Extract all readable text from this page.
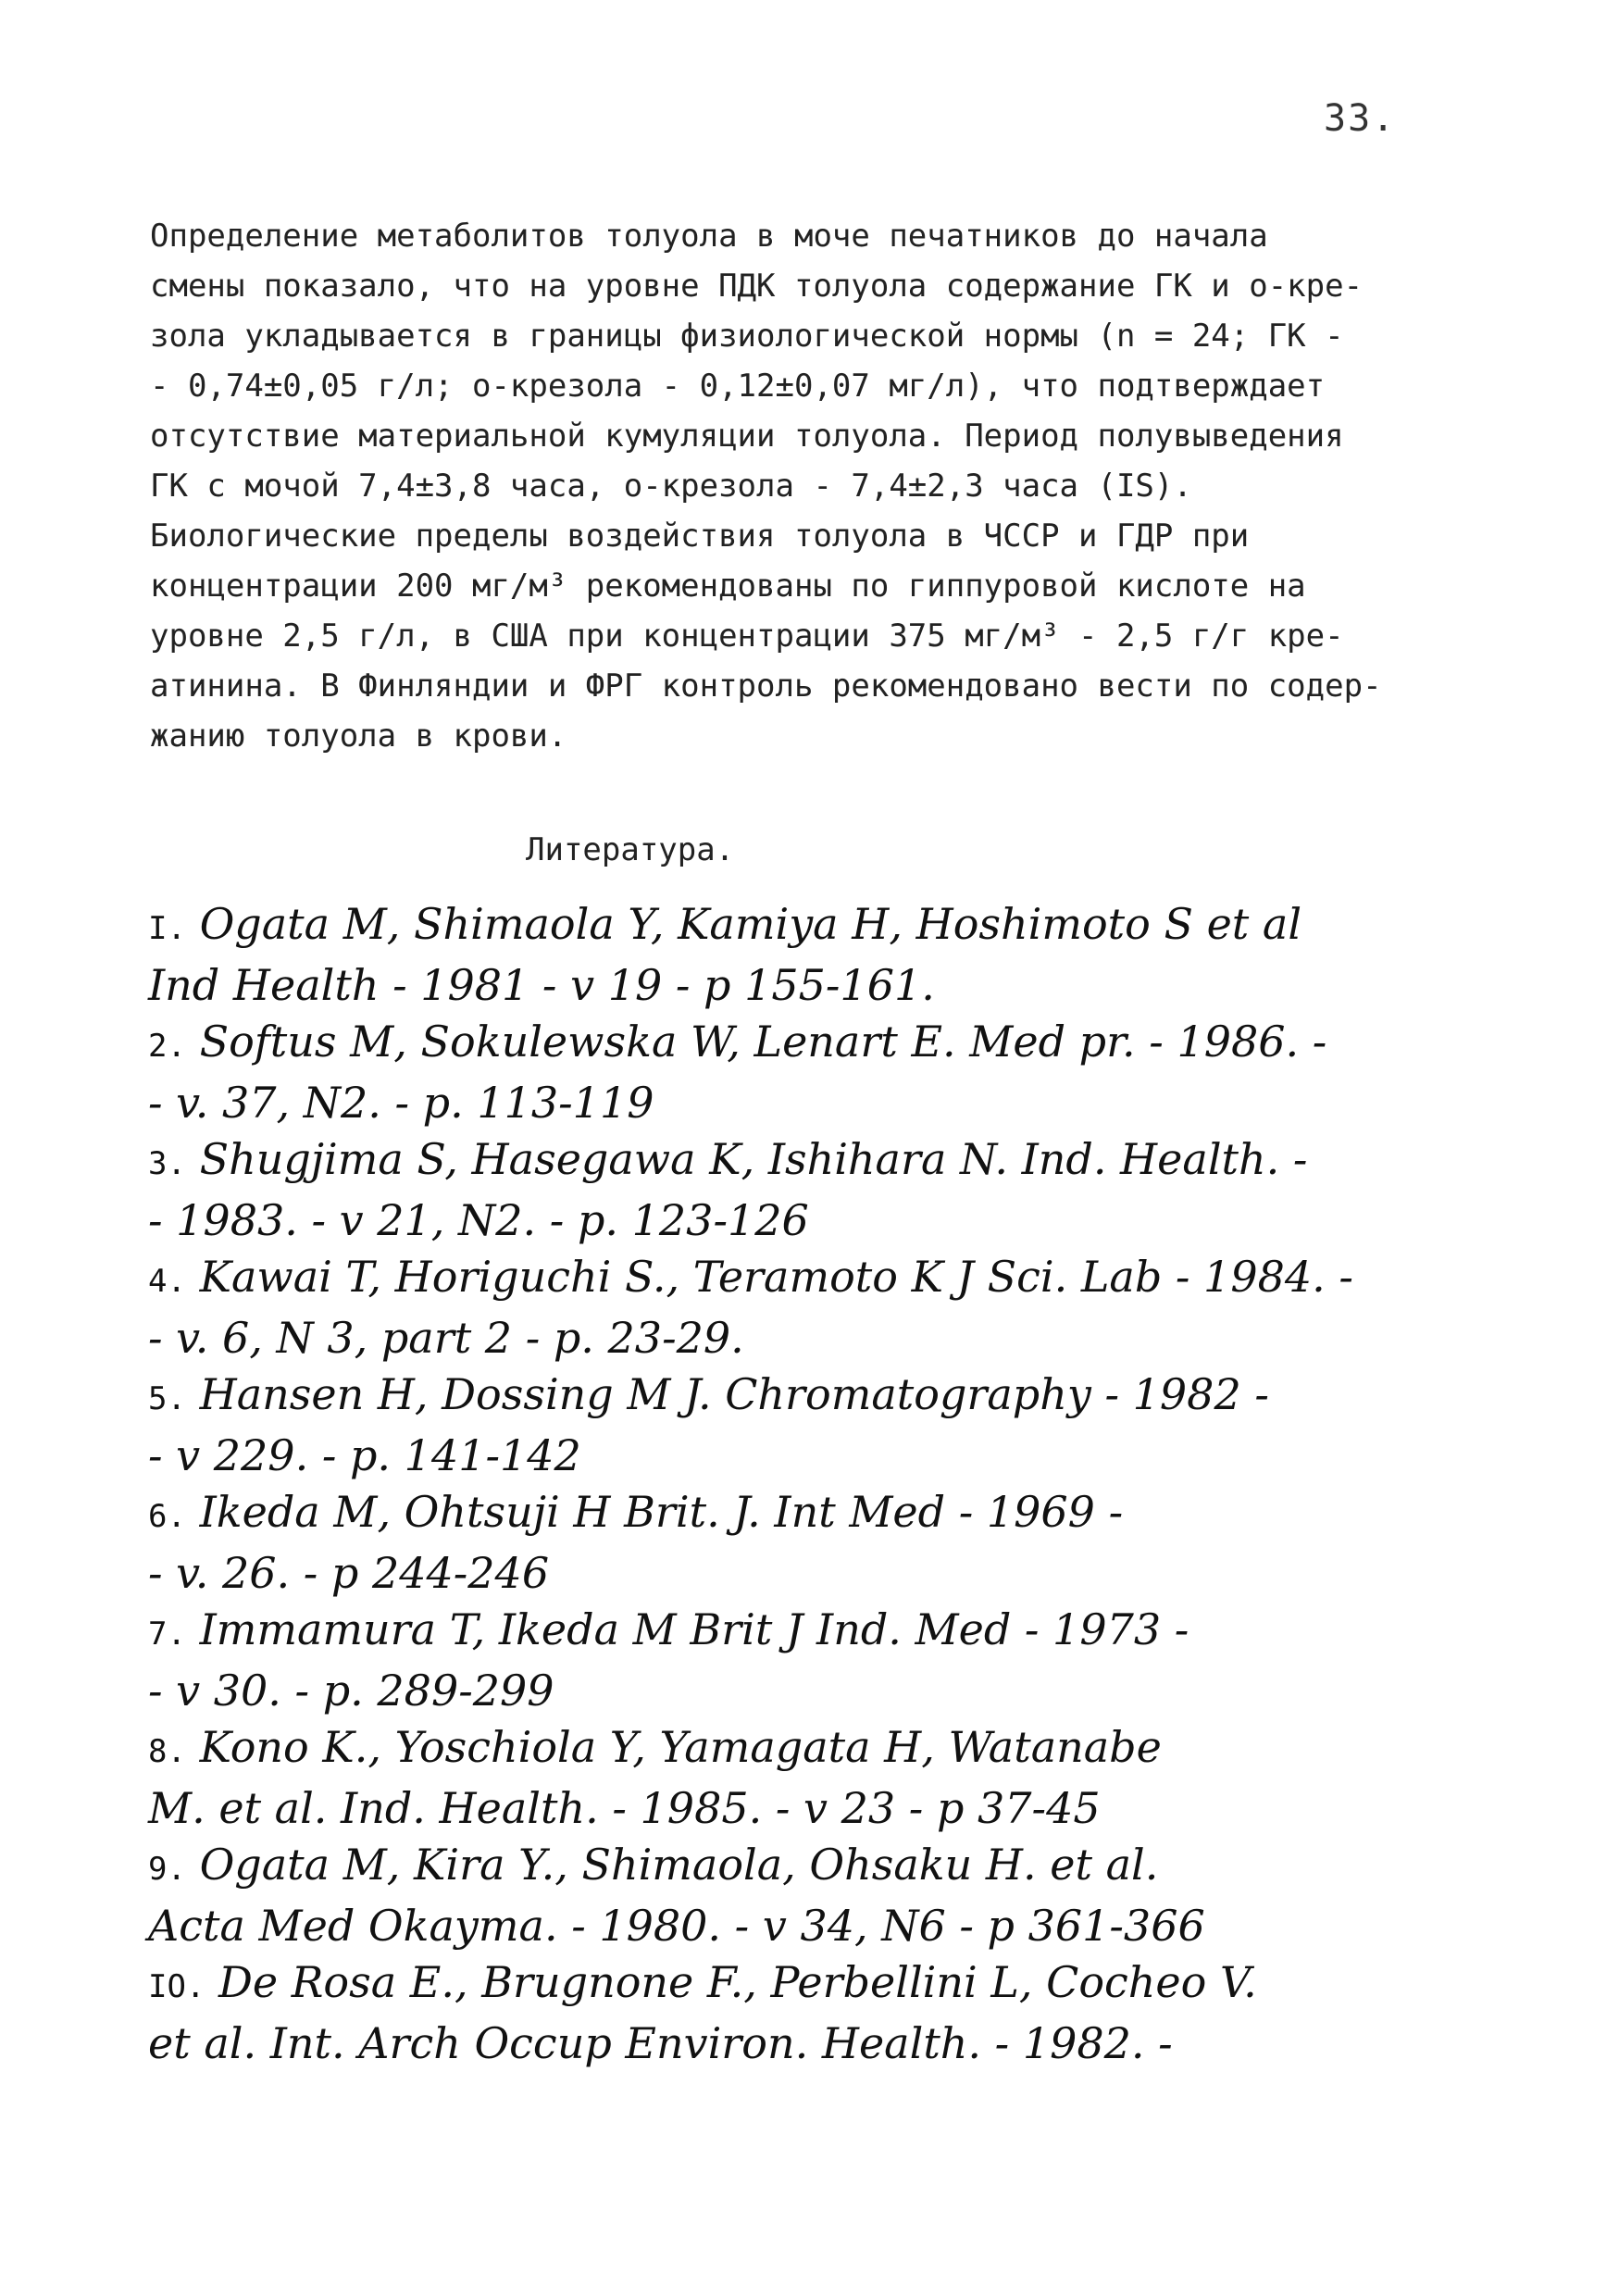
33.
Определение метаболитов толуола в моче печатников до начала
смены показало, что на уровне ПДК толуола содержание ГК и о-кре-
зола укладывается в границы физиологической нормы (n = 24; ГК -
- 0,74±0,05 г/л; о-крезола - 0,12±0,07 мг/л), что подтверждает
отсутствие материальной кумуляции толуола. Период полувыведения
ГК с мочой 7,4±3,8 часа, о-крезола - 7,4±2,3 часа (IS).
Биологические пределы воздействия толуола в ЧССР и ГДР при
концентрации 200 мг/м³ рекомендованы по гиппуровой кислоте на
уровне 2,5 г/л, в США при концентрации 375 мг/м³ - 2,5 г/г кре-
атинина. В Финляндии и ФРГ контроль рекомендовано вести по содер-
жанию толуола в крови.
Литература.
I. Ogata M, Shimaola Y, Kamiya H, Hoshimoto S et al
Ind Health - 1981 - v 19 - p 155-161.
2. Softus M, Sokulewska W, Lenart E. Med pr. - 1986. -
- v. 37, N2. - p. 113-119
3. Shugjima S, Hasegawa K, Ishihara N. Ind. Health. -
- 1983. - v 21, N2. - p. 123-126
4. Kawai T, Horiguchi S., Teramoto K J Sci. Lab - 1984. -
- v. 6, N 3, part 2 - p. 23-29.
5. Hansen H, Dossing M J. Chromatography - 1982 -
- v 229. - p. 141-142
6. Ikeda M, Ohtsuji H Brit. J. Int Med - 1969 -
- v. 26. - p 244-246
7. Immamura T, Ikeda M Brit J Ind. Med - 1973 -
- v 30. - p. 289-299
8. Kono K., Yoschiola Y, Yamagata H, Watanabe
M. et al. Ind. Health. - 1985. - v 23 - p 37-45
9. Ogata M, Kira Y., Shimaola, Ohsaku H. et al.
Acta Med Okayma. - 1980. - v 34, N6 - p 361-366
IO. De Rosa E., Brugnone F., Perbellini L, Cocheo V.
et al. Int. Arch Occup Environ. Health. - 1982. -
